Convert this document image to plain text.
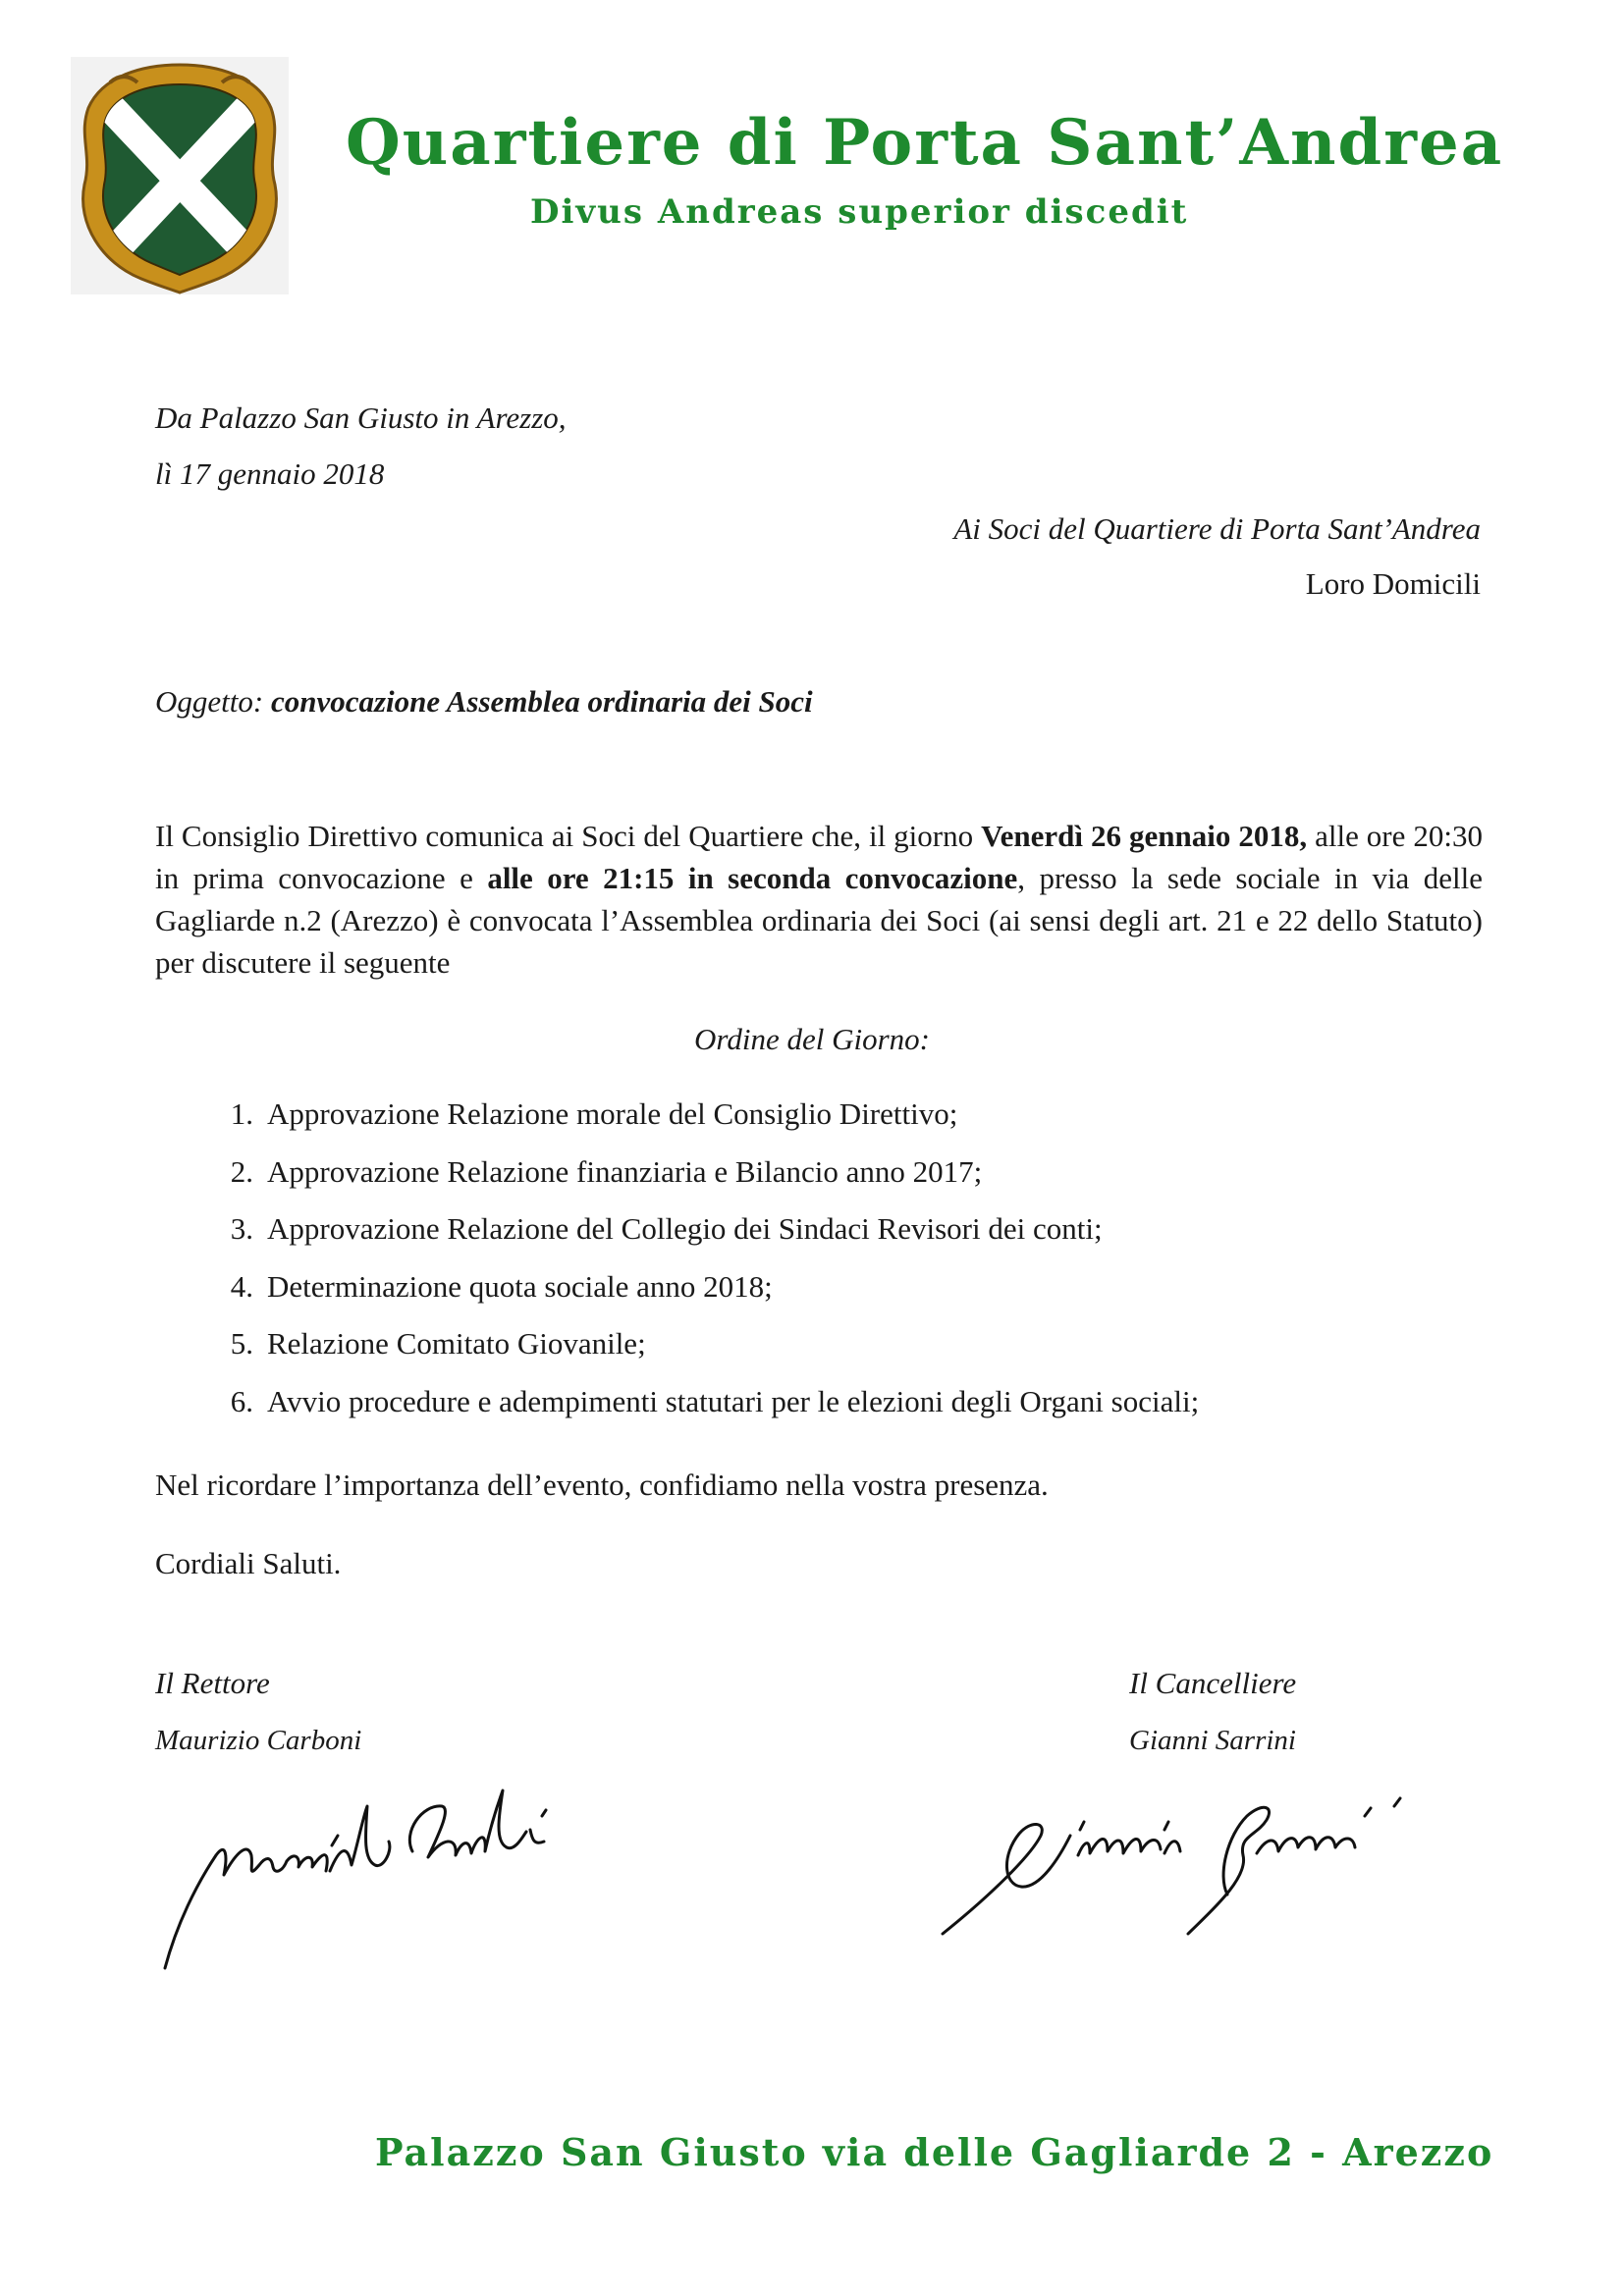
Quartiere di Porta Sant’Andrea
Divus Andreas superior discedit

Da Palazzo San Giusto in Arezzo,

lì 17 gennaio 2018

Ai Soci del Quartiere di Porta Sant’Andrea

Loro Domicili

Oggetto: convocazione Assemblea ordinaria dei Soci

Il Consiglio Direttivo comunica ai Soci del Quartiere che, il giorno Venerdì 26 gennaio 2018, alle ore 20:30 in prima convocazione e alle ore 21:15 in seconda convocazione, presso la sede sociale in via delle Gagliarde n.2 (Arezzo) è convocata l’Assemblea ordinaria dei Soci (ai sensi degli art. 21 e 22 dello Statuto) per discutere il seguente

Ordine del Giorno:

1. Approvazione Relazione morale del Consiglio Direttivo;
2. Approvazione Relazione finanziaria e Bilancio anno 2017;
3. Approvazione Relazione del Collegio dei Sindaci Revisori dei conti;
4. Determinazione quota sociale anno 2018;
5. Relazione Comitato Giovanile;
6. Avvio procedure e adempimenti statutari per le elezioni degli Organi sociali;

Nel ricordare l’importanza dell’evento, confidiamo nella vostra presenza.

Cordiali Saluti.

Il Rettore

Maurizio Carboni

Il Cancelliere

Gianni Sarrini

Palazzo San Giusto via delle Gagliarde 2 - Arezzo
